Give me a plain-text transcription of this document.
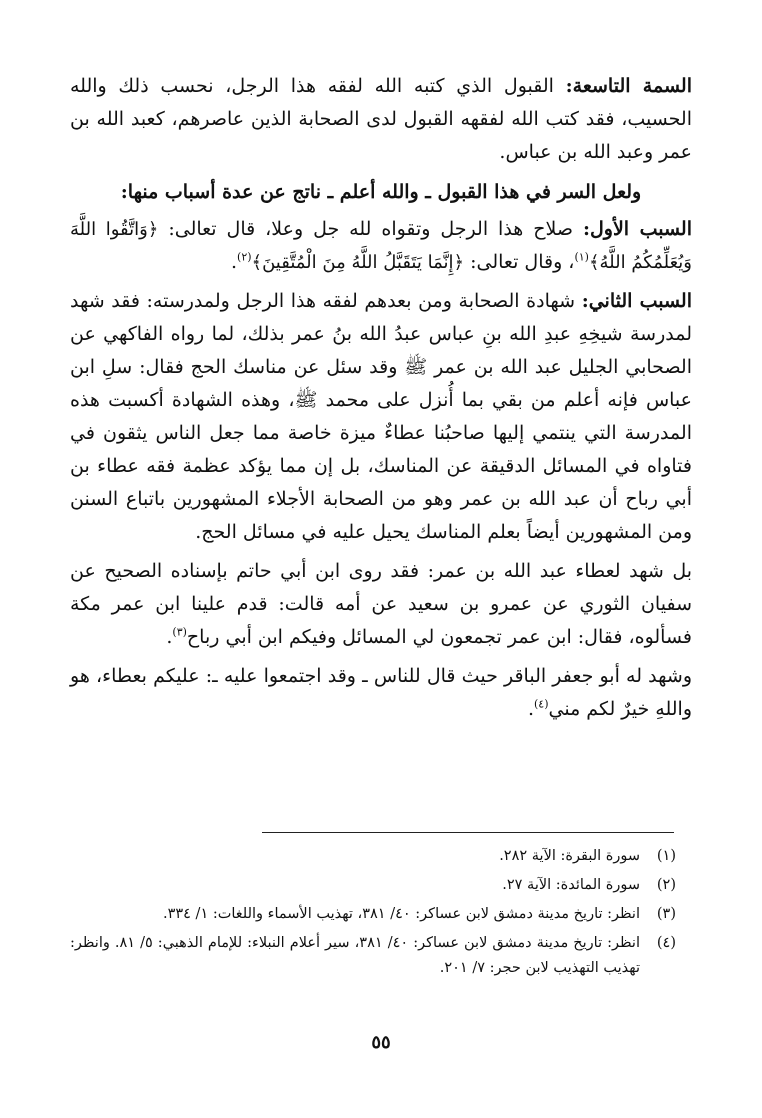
السمة التاسعة: القبول الذي كتبه الله لفقه هذا الرجل، نحسب ذلك والله الحسيب، فقد كتب الله لفقهه القبول لدى الصحابة الذين عاصرهم، كعبد الله بن عمر وعبد الله بن عباس.

ولعل السر في هذا القبول ـ والله أعلم ـ ناتج عن عدة أسباب منها:

السبب الأول: صلاح هذا الرجل وتقواه لله جل وعلا، قال تعالى: ﴿وَاتَّقُوا اللَّهَ وَيُعَلِّمُكُمُ اللَّهُ﴾$^{(١)}$، وقال تعالى: ﴿إِنَّمَا يَتَقَبَّلُ اللَّهُ مِنَ الْمُتَّقِينَ﴾$^{(٢)}$.

السبب الثاني: شهادة الصحابة ومن بعدهم لفقه هذا الرجل ولمدرسته: فقد شهد لمدرسة شيخِهِ عبدِ الله بنِ عباس عبدُ الله بنُ عمر بذلك، لما رواه الفاكهي عن الصحابي الجليل عبد الله بن عمر ﷺ وقد سئل عن مناسك الحج فقال: سلِ ابن عباس فإنه أعلم من بقي بما أُنزل على محمد ﷺ، وهذه الشهادة أكسبت هذه المدرسة التي ينتمي إليها صاحبُنا عطاءٌ ميزة خاصة مما جعل الناس يثقون في فتاواه في المسائل الدقيقة عن المناسك، بل إن مما يؤكد عظمة فقه عطاء بن أبي رباح أن عبد الله بن عمر وهو من الصحابة الأجلاء المشهورين باتباع السنن ومن المشهورين أيضاً بعلم المناسك يحيل عليه في مسائل الحج.

بل شهد لعطاء عبد الله بن عمر: فقد روى ابن أبي حاتم بإسناده الصحيح عن سفيان الثوري عن عمرو بن سعيد عن أمه قالت: قدم علينا ابن عمر مكة فسألوه، فقال: ابن عمر تجمعون لي المسائل وفيكم ابن أبي رباح$^{(٣)}$.

وشهد له أبو جعفر الباقر حيث قال للناس ـ وقد اجتمعوا عليه ـ: عليكم بعطاء، هو واللهِ خيرٌ لكم مني$^{(٤)}$.

(١)
سورة البقرة: الآية ٢٨٢.
(٢)
سورة المائدة: الآية ٢٧.
(٣)
انظر: تاريخ مدينة دمشق لابن عساكر: ٤٠/ ٣٨١، تهذيب الأسماء واللغات: ١/ ٣٣٤.
(٤)
انظر: تاريخ مدينة دمشق لابن عساكر: ٤٠/ ٣٨١، سير أعلام النبلاء: للإمام الذهبي: ٥/ ٨١. وانظر: تهذيب التهذيب لابن حجر: ٧/ ٢٠١.
٥٥
